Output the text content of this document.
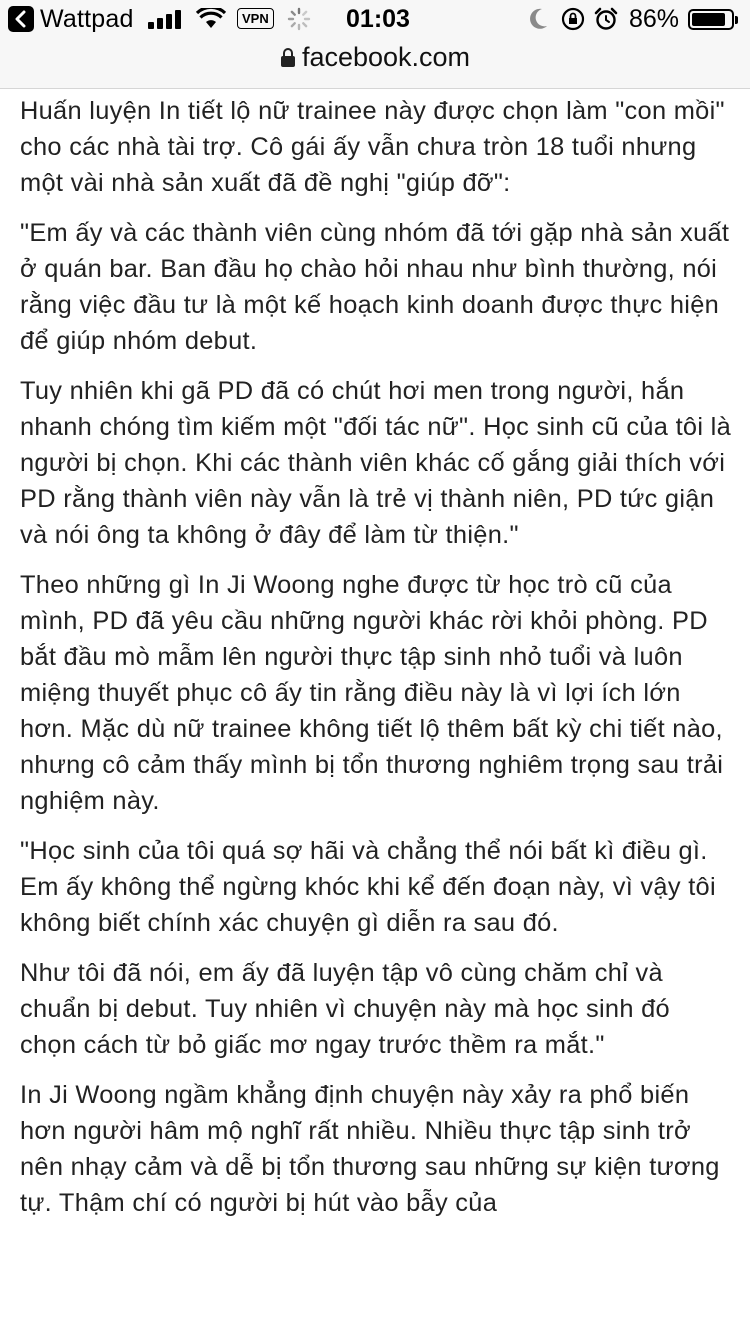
Wattpad	VPN	01:03	86%
facebook.com

Huấn luyện In tiết lộ nữ trainee này được chọn làm "con mồi" cho các nhà tài trợ. Cô gái ấy vẫn chưa tròn 18 tuổi nhưng một vài nhà sản xuất đã đề nghị "giúp đỡ":

"Em ấy và các thành viên cùng nhóm đã tới gặp nhà sản xuất ở quán bar. Ban đầu họ chào hỏi nhau như bình thường, nói rằng việc đầu tư là một kế hoạch kinh doanh được thực hiện để giúp nhóm debut.

Tuy nhiên khi gã PD đã có chút hơi men trong người, hắn nhanh chóng tìm kiếm một "đối tác nữ". Học sinh cũ của tôi là người bị chọn. Khi các thành viên khác cố gắng giải thích với PD rằng thành viên này vẫn là trẻ vị thành niên, PD tức giận và nói ông ta không ở đây để làm từ thiện."

Theo những gì In Ji Woong nghe được từ học trò cũ của mình, PD đã yêu cầu những người khác rời khỏi phòng. PD bắt đầu mò mẫm lên người thực tập sinh nhỏ tuổi và luôn miệng thuyết phục cô ấy tin rằng điều này là vì lợi ích lớn hơn. Mặc dù nữ trainee không tiết lộ thêm bất kỳ chi tiết nào, nhưng cô cảm thấy mình bị tổn thương nghiêm trọng sau trải nghiệm này.

"Học sinh của tôi quá sợ hãi và chẳng thể nói bất kì điều gì. Em ấy không thể ngừng khóc khi kể đến đoạn này, vì vậy tôi không biết chính xác chuyện gì diễn ra sau đó.

Như tôi đã nói, em ấy đã luyện tập vô cùng chăm chỉ và chuẩn bị debut. Tuy nhiên vì chuyện này mà học sinh đó chọn cách từ bỏ giấc mơ ngay trước thềm ra mắt."

In Ji Woong ngầm khẳng định chuyện này xảy ra phổ biến hơn người hâm mộ nghĩ rất nhiều. Nhiều thực tập sinh trở nên nhạy cảm và dễ bị tổn thương sau những sự kiện tương tự. Thậm chí có người bị hút vào bẫy của
